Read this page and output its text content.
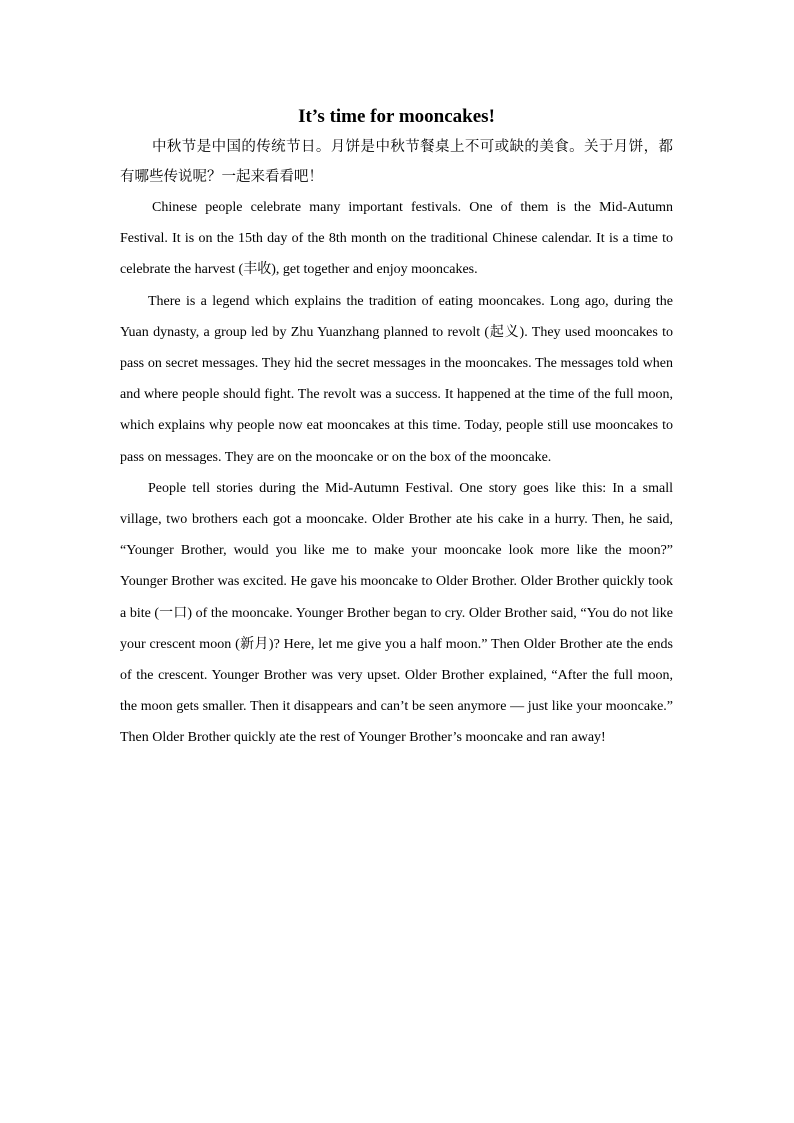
It’s time for mooncakes!

中秋节是中国的传统节日。月饼是中秋节餐桌上不可或缺的美食。关于月饼，都有哪些传说呢？一起来看看吧！

Chinese people celebrate many important festivals. One of them is the Mid-Autumn Festival. It is on the 15th day of the 8th month on the traditional Chinese calendar. It is a time to celebrate the harvest (丰收), get together and enjoy mooncakes.

There is a legend which explains the tradition of eating mooncakes. Long ago, during the Yuan dynasty, a group led by Zhu Yuanzhang planned to revolt (起义). They used mooncakes to pass on secret messages. They hid the secret messages in the mooncakes. The messages told when and where people should fight. The revolt was a success. It happened at the time of the full moon, which explains why people now eat mooncakes at this time. Today, people still use mooncakes to pass on messages. They are on the mooncake or on the box of the mooncake.

People tell stories during the Mid-Autumn Festival. One story goes like this: In a small village, two brothers each got a mooncake. Older Brother ate his cake in a hurry. Then, he said, “Younger Brother, would you like me to make your mooncake look more like the moon?” Younger Brother was excited. He gave his mooncake to Older Brother. Older Brother quickly took a bite (一口) of the mooncake. Younger Brother began to cry. Older Brother said, “You do not like your crescent moon (新月)? Here, let me give you a half moon.” Then Older Brother ate the ends of the crescent. Younger Brother was very upset. Older Brother explained, “After the full moon, the moon gets smaller. Then it disappears and can’t be seen anymore — just like your mooncake.” Then Older Brother quickly ate the rest of Younger Brother’s mooncake and ran away!
